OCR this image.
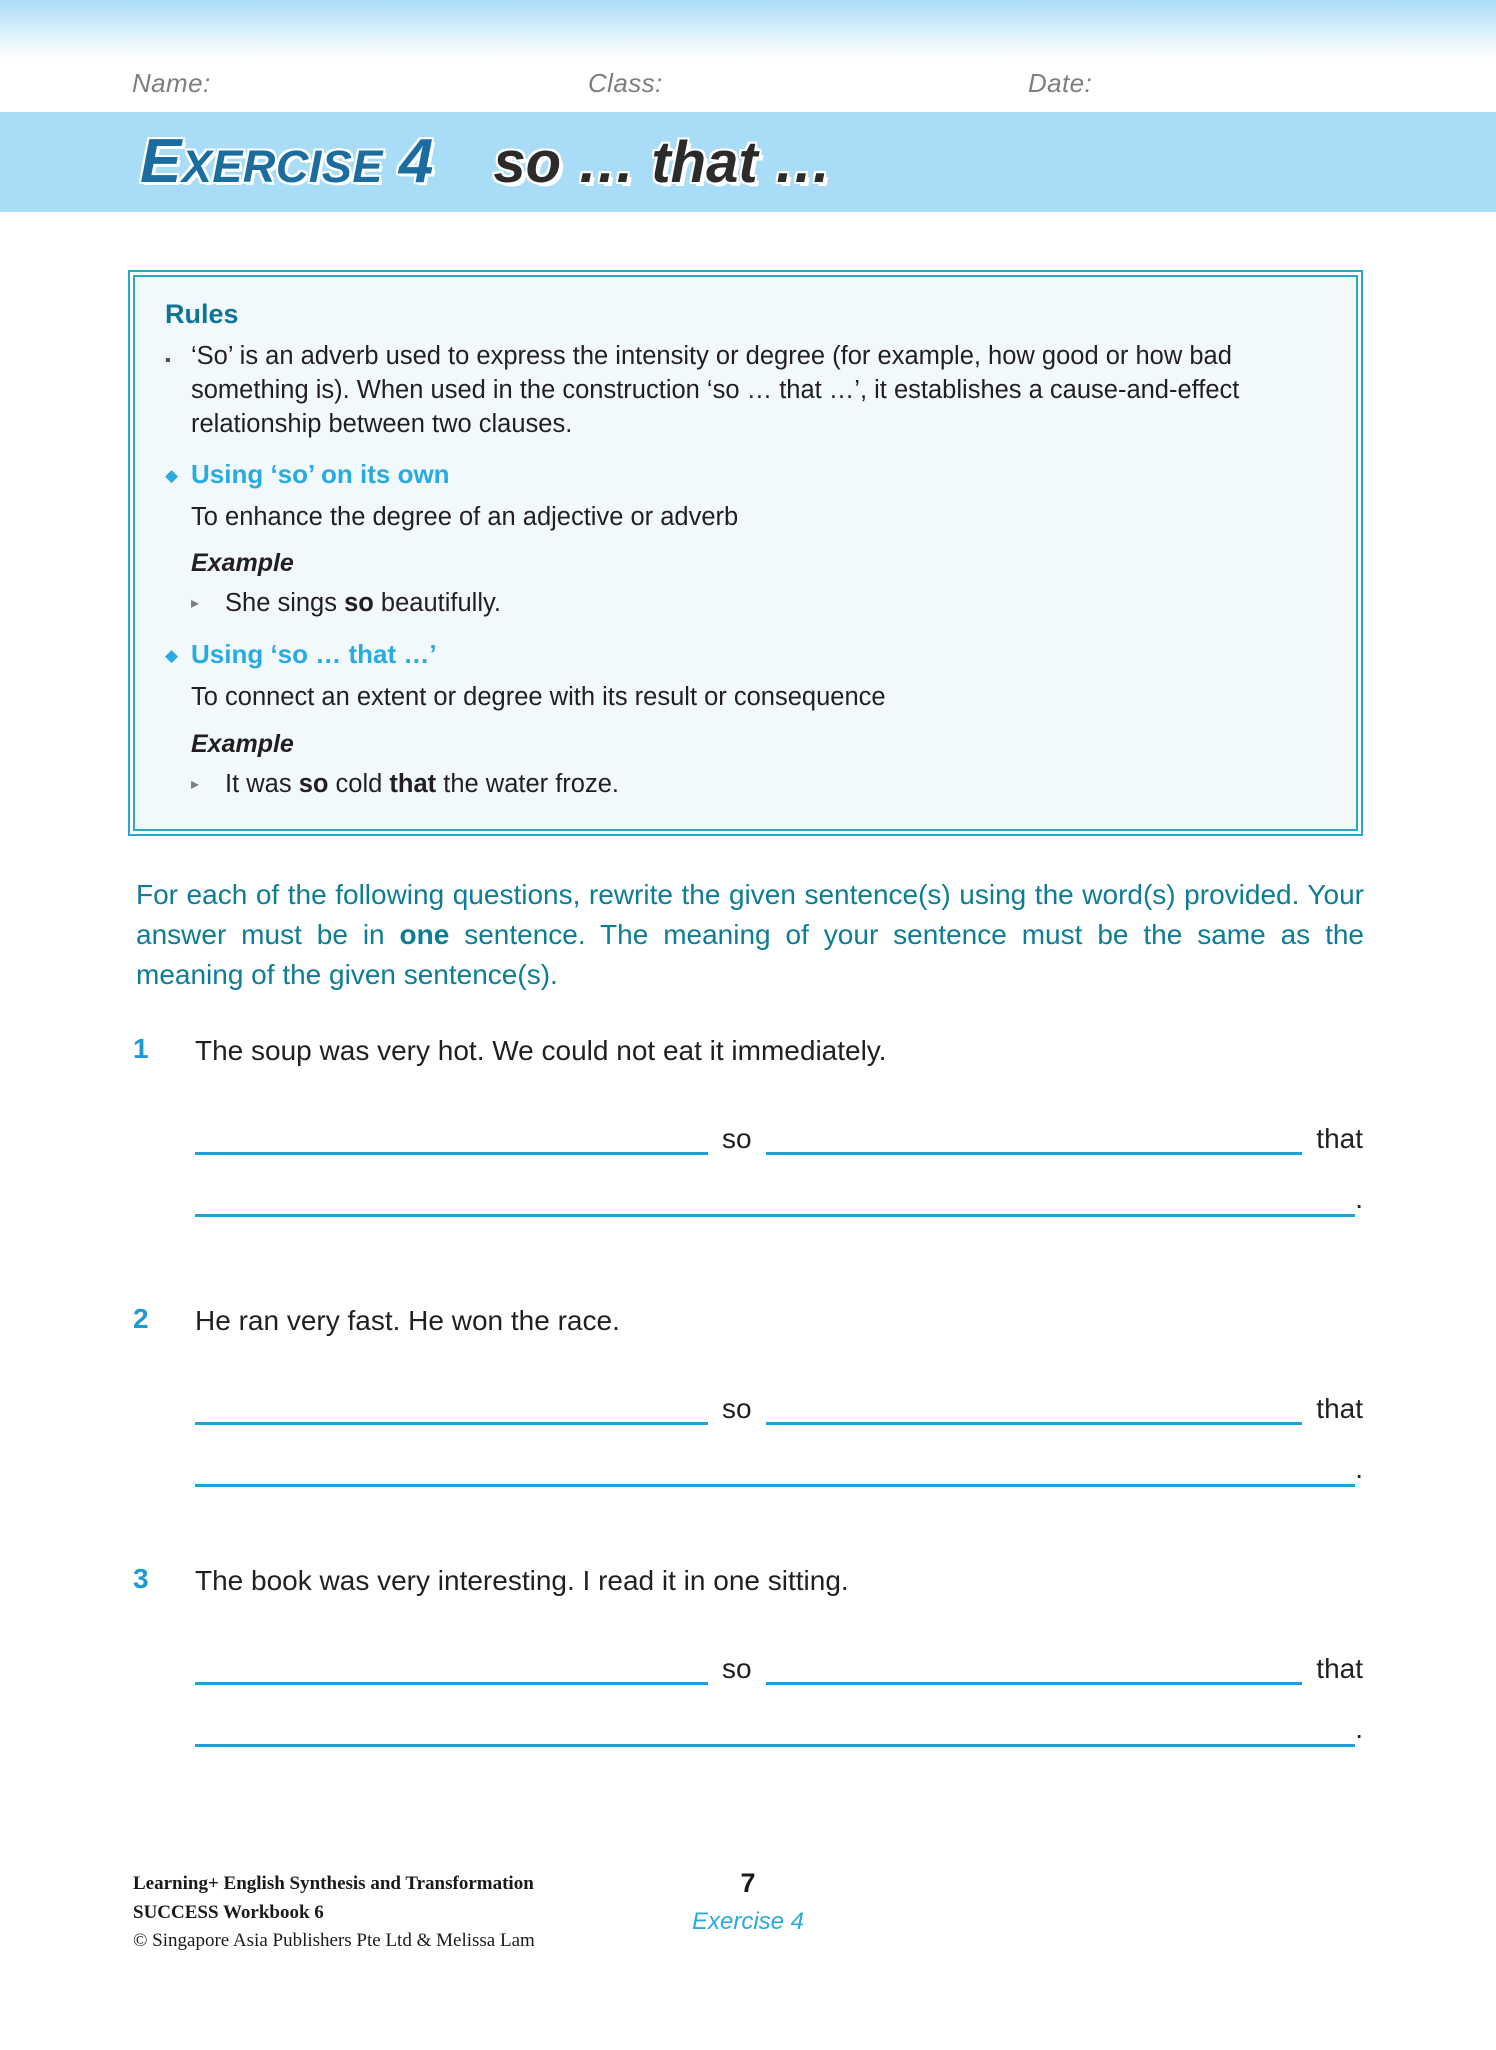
Name:	Class:	Date:
EXERCISE 4 so … that …
Rules
▪ ‘So’ is an adverb used to express the intensity or degree (for example, how good or how bad something is). When used in the construction ‘so … that …’, it establishes a cause-and-effect relationship between two clauses.
◆ Using ‘so’ on its own
To enhance the degree of an adjective or adverb
Example
▸	She sings so beautifully.
◆ Using ‘so … that …’
To connect an extent or degree with its result or consequence
Example
▸	It was so cold that the water froze.
For each of the following questions, rewrite the given sentence(s) using the word(s) provided. Your answer must be in one sentence. The meaning of your sentence must be the same as the meaning of the given sentence(s).
1	The soup was very hot. We could not eat it immediately.
so	that
.
2	He ran very fast. He won the race.
so	that
.
3	The book was very interesting. I read it in one sitting.
so	that
.
Learning+ English Synthesis and Transformation
SUCCESS Workbook 6
© Singapore Asia Publishers Pte Ltd & Melissa Lam
7
Exercise 4
